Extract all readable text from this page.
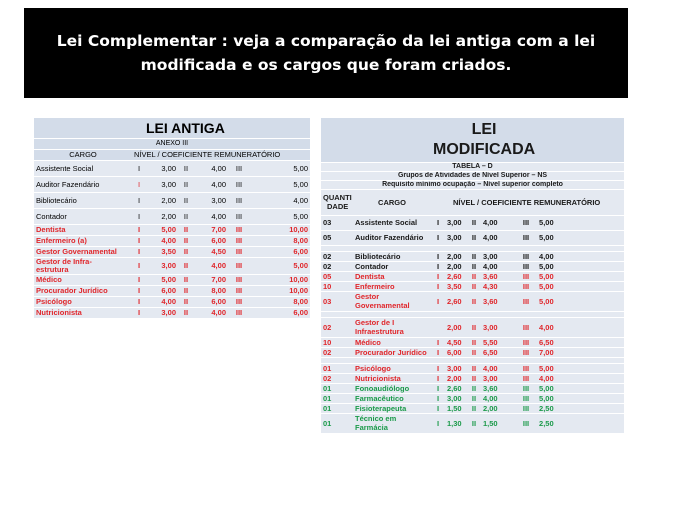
Lei Complementar : veja a comparação da lei antiga com a lei modificada e os cargos que foram criados.
		LEI ANTIGA				
ANEXO III						
CARGO	NÍVEL / COEFICIENTE REMUNERATÓRIO					

Assistente Social	I	3,00	II	4,00	III	5,00

Auditor Fazendário	I	3,00	II	4,00	III	5,00

Bibliotecário	I	2,00	II	3,00	III	4,00

Contador	I	2,00	II	4,00	III	5,00

Dentista	I	5,00	II	7,00	III	10,00

Enfermeiro (a)	I	4,00	II	6,00	III	8,00

Gestor Governamental	I	3,50	II	4,50	III	6,00

Gestor de Infra-
estrutura	I	3,00	II	4,00	III	5,00

Médico	I	5,00	II	7,00	III	10,00

Procurador Jurídico	I	6,00	II	8,00	III	10,00

Psicólogo	I	4,00	II	6,00	III	8,00

Nutricionista	I	3,00	II	4,00	III	6,00

		LEI
MODIFICADA					

TABELA – D							
Grupos de Atividades de Nível Superior – NS							
Requisito mínimo ocupação – Nível superior completo							

QUANTI
DADE	CARGO	NÍVEL / COEFICIENTE REMUNERATÓRIO					
03	Assistente Social	I	3,00	II	4,00	III	5,00
05	Auditor Fazendário	I	3,00	II	4,00	III	5,00

02	Bibliotecário	I	2,00	II	3,00	III	4,00
02	Contador	I	2,00	II	4,00	III	5,00
05	Dentista	I	2,60	II	3,60	III	5,00
10	Enfermeiro	I	3,50	II	4,30	III	5,00
03	Gestor
Governamental	I	2,60	II	3,60	III	5,00

02	Gestor de I
Infraestrutura		2,00	II	3,00	III	4,00
10	Médico	I	4,50	II	5,50	III	6,50
02	Procurador Jurídico	I	6,00	II	6,50	III	7,00

01	Psicólogo	I	3,00	II	4,00	III	5,00
02	Nutricionista	I	2,00	II	3,00	III	4,00
01	Fonoaudiólogo	I	2,60	II	3,60	III	5,00
01	Farmacêutico	I	3,00	II	4,00	III	5,00
01	Fisioterapeuta	I	1,50	II	2,00	III	2,50
01	Técnico em
Farmácia	I	1,30	II	1,50	III	2,50
